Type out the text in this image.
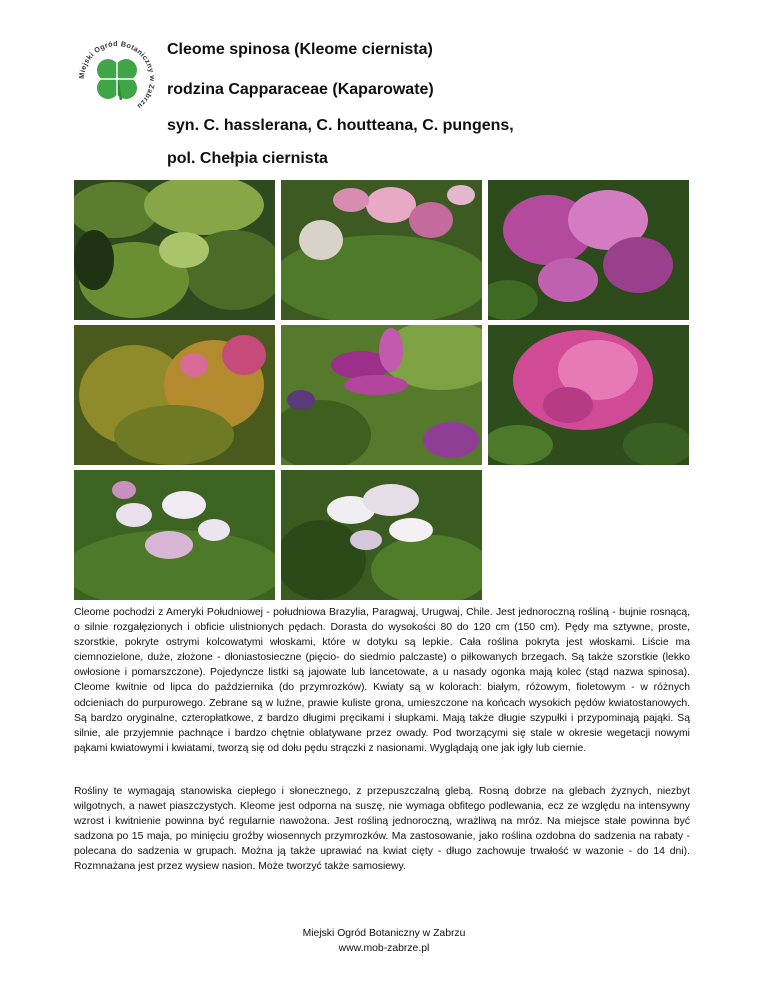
Miejski Ogród Botaniczny w Zabrzu
Cleome spinosa (Kleome ciernista)
rodzina Capparaceae (Kaparowate)
syn. C. hasslerana, C. houtteana, C. pungens,
pol. Chełpia ciernista
Cleome pochodzi z Ameryki Południowej - południowa Brazylia, Paragwaj, Urugwaj, Chile. Jest jednoroczną rośliną - bujnie rosnącą, o silnie rozgałęzionych i obficie ulistnionych pędach. Dorasta do wysokości 80 do 120 cm (150 cm). Pędy ma sztywne, proste, szorstkie, pokryte ostrymi kolcowatymi włoskami, które w dotyku są lepkie. Cała roślina pokryta jest włoskami. Liście ma ciemnozielone, duże, złożone - dłoniastosieczne (pięcio- do siedmio palczaste) o piłkowanych brzegach. Są także szorstkie (lekko owłosione i pomarszczone). Pojedyncze listki są jajowate lub lancetowate, a u nasady ogonka mają kolec (stąd nazwa spinosa). Cleome kwitnie od lipca do października (do przymrozków). Kwiaty są w kolorach: białym, różowym, fioletowym - w różnych odcieniach do purpurowego. Zebrane są w luźne, prawie kuliste grona, umieszczone na końcach wysokich pędów kwiatostanowych. Są bardzo oryginalne, czteropłatkowe, z bardzo długimi pręcikami i słupkami. Mają także długie szypułki i przypominają pająki. Są silnie, ale przyjemnie pachnące i bardzo chętnie oblatywane przez owady. Pod tworzącymi się stale w okresie wegetacji nowymi pąkami kwiatowymi i kwiatami, tworzą się od dołu pędu strączki z nasionami. Wyglądają one jak igły lub ciernie.
Rośliny te wymagają stanowiska ciepłego i słonecznego, z przepuszczalną glebą. Rosną dobrze na glebach żyznych, niezbyt wilgotnych, a nawet piaszczystych. Kleome jest odporna na suszę, nie wymaga obfitego podlewania, ecz ze względu na intensywny wzrost i kwitnienie powinna być regularnie nawożona. Jest rośliną jednoroczną, wrażliwą na mróz. Na miejsce stałe powinna być sadzona po 15 maja, po minięciu groźby wiosennych przymrozków. Ma zastosowanie, jako roślina ozdobna do sadzenia na rabaty - polecana do sadzenia w grupach. Można ją także uprawiać na kwiat cięty - długo zachowuje trwałość w wazonie - do 14 dni). Rozmnażana jest przez wysiew nasion. Może tworzyć także samosiewy.
Miejski Ogród Botaniczny w Zabrzu
www.mob-zabrze.pl
